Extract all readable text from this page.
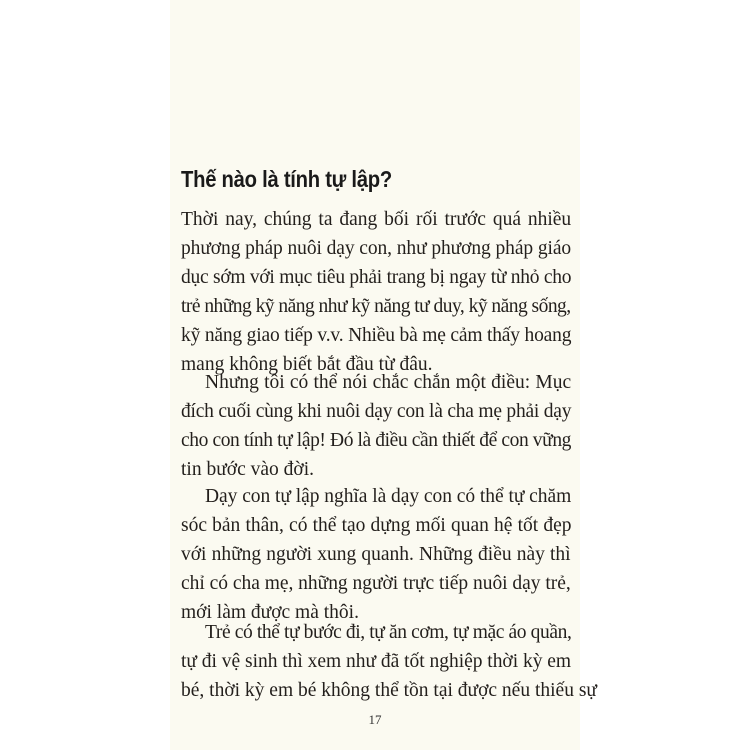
Thế nào là tính tự lập?
Thời nay, chúng ta đang bối rối trước quá nhiều
phương pháp nuôi dạy con, như phương pháp giáo
dục sớm với mục tiêu phải trang bị ngay từ nhỏ cho
trẻ những kỹ năng như kỹ năng tư duy, kỹ năng sống,
kỹ năng giao tiếp v.v. Nhiều bà mẹ cảm thấy hoang
mang không biết bắt đầu từ đâu.
Nhưng tôi có thể nói chắc chắn một điều: Mục
đích cuối cùng khi nuôi dạy con là cha mẹ phải dạy
cho con tính tự lập! Đó là điều cần thiết để con vững
tin bước vào đời.
Dạy con tự lập nghĩa là dạy con có thể tự chăm
sóc bản thân, có thể tạo dựng mối quan hệ tốt đẹp
với những người xung quanh. Những điều này thì
chỉ có cha mẹ, những người trực tiếp nuôi dạy trẻ,
mới làm được mà thôi.
Trẻ có thể tự bước đi, tự ăn cơm, tự mặc áo quần,
tự đi vệ sinh thì xem như đã tốt nghiệp thời kỳ em
bé, thời kỳ em bé không thể tồn tại được nếu thiếu sự
17
